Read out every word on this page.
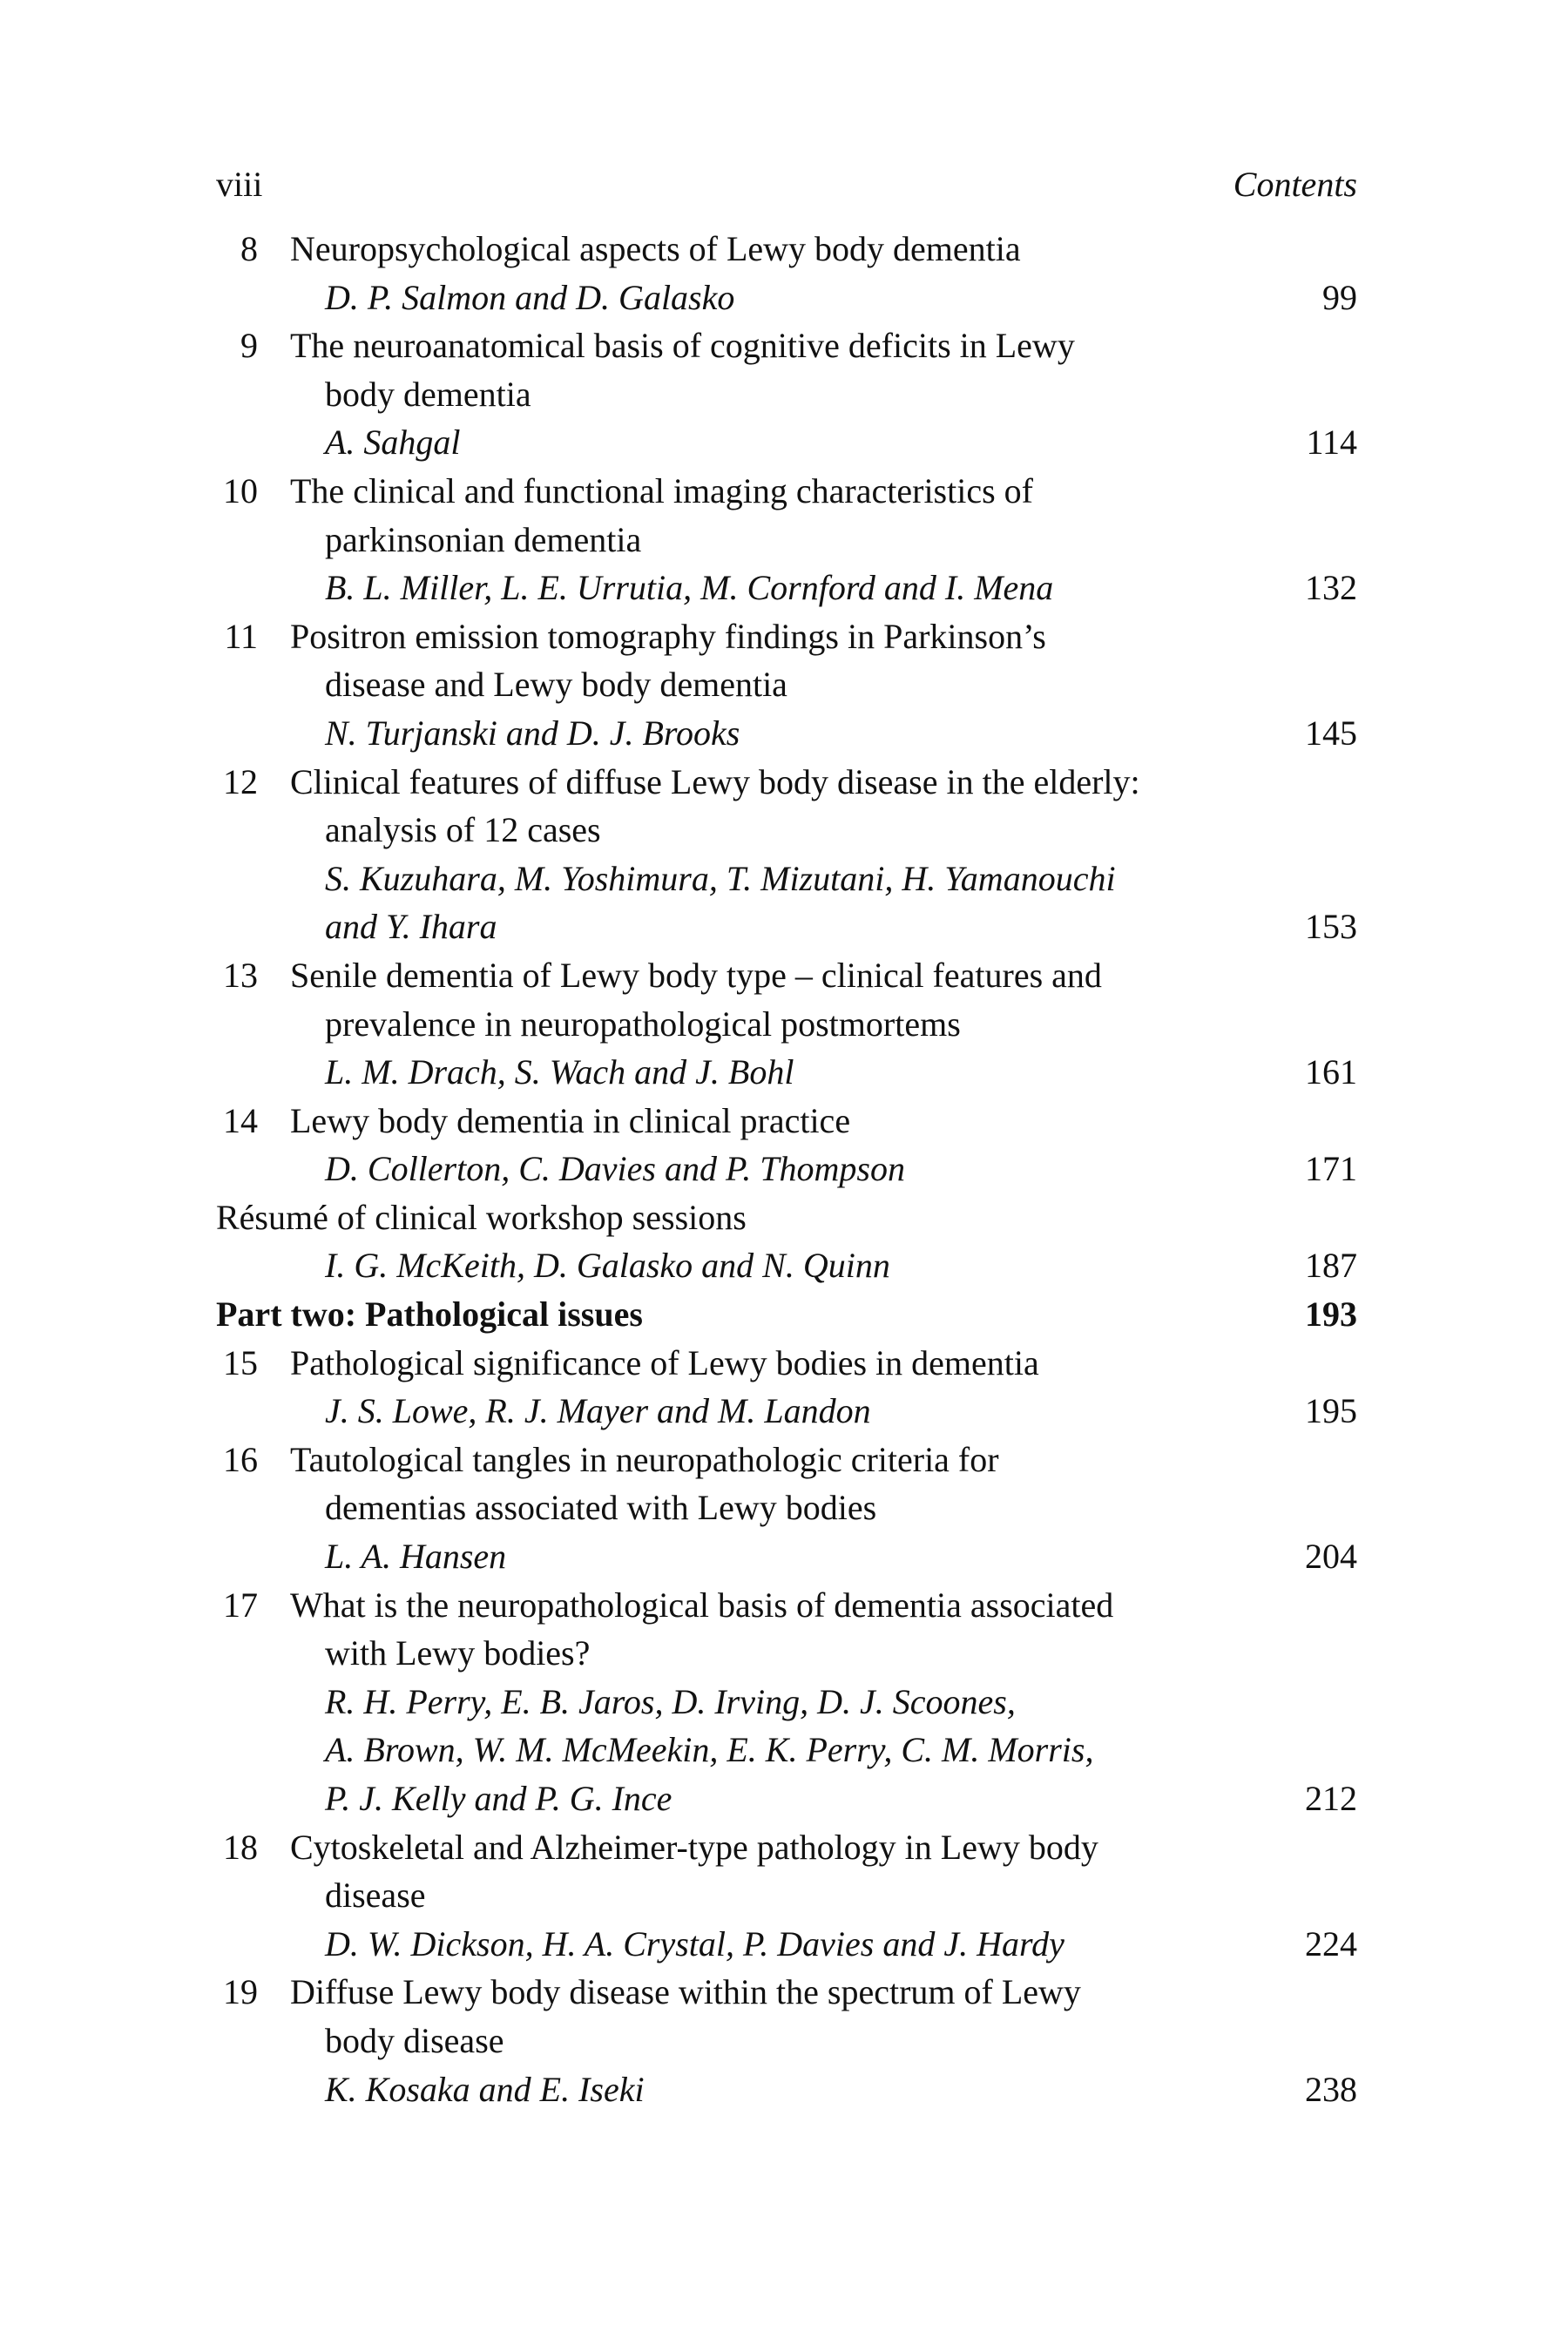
viii	Contents
8 Neuropsychological aspects of Lewy body dementia
D. P. Salmon and D. Galasko	99
9 The neuroanatomical basis of cognitive deficits in Lewy
body dementia
A. Sahgal	114
10 The clinical and functional imaging characteristics of
parkinsonian dementia
B. L. Miller, L. E. Urrutia, M. Cornford and I. Mena	132
11 Positron emission tomography findings in Parkinson’s
disease and Lewy body dementia
N. Turjanski and D. J. Brooks	145
12 Clinical features of diffuse Lewy body disease in the elderly:
analysis of 12 cases
S. Kuzuhara, M. Yoshimura, T. Mizutani, H. Yamanouchi
and Y. Ihara	153
13 Senile dementia of Lewy body type – clinical features and
prevalence in neuropathological postmortems
L. M. Drach, S. Wach and J. Bohl	161
14 Lewy body dementia in clinical practice
D. Collerton, C. Davies and P. Thompson	171
Résumé of clinical workshop sessions
I. G. McKeith, D. Galasko and N. Quinn	187
Part two: Pathological issues	193
15 Pathological significance of Lewy bodies in dementia
J. S. Lowe, R. J. Mayer and M. Landon	195
16 Tautological tangles in neuropathologic criteria for
dementias associated with Lewy bodies
L. A. Hansen	204
17 What is the neuropathological basis of dementia associated
with Lewy bodies?
R. H. Perry, E. B. Jaros, D. Irving, D. J. Scoones,
A. Brown, W. M. McMeekin, E. K. Perry, C. M. Morris,
P. J. Kelly and P. G. Ince	212
18 Cytoskeletal and Alzheimer-type pathology in Lewy body
disease
D. W. Dickson, H. A. Crystal, P. Davies and J. Hardy	224
19 Diffuse Lewy body disease within the spectrum of Lewy
body disease
K. Kosaka and E. Iseki	238
